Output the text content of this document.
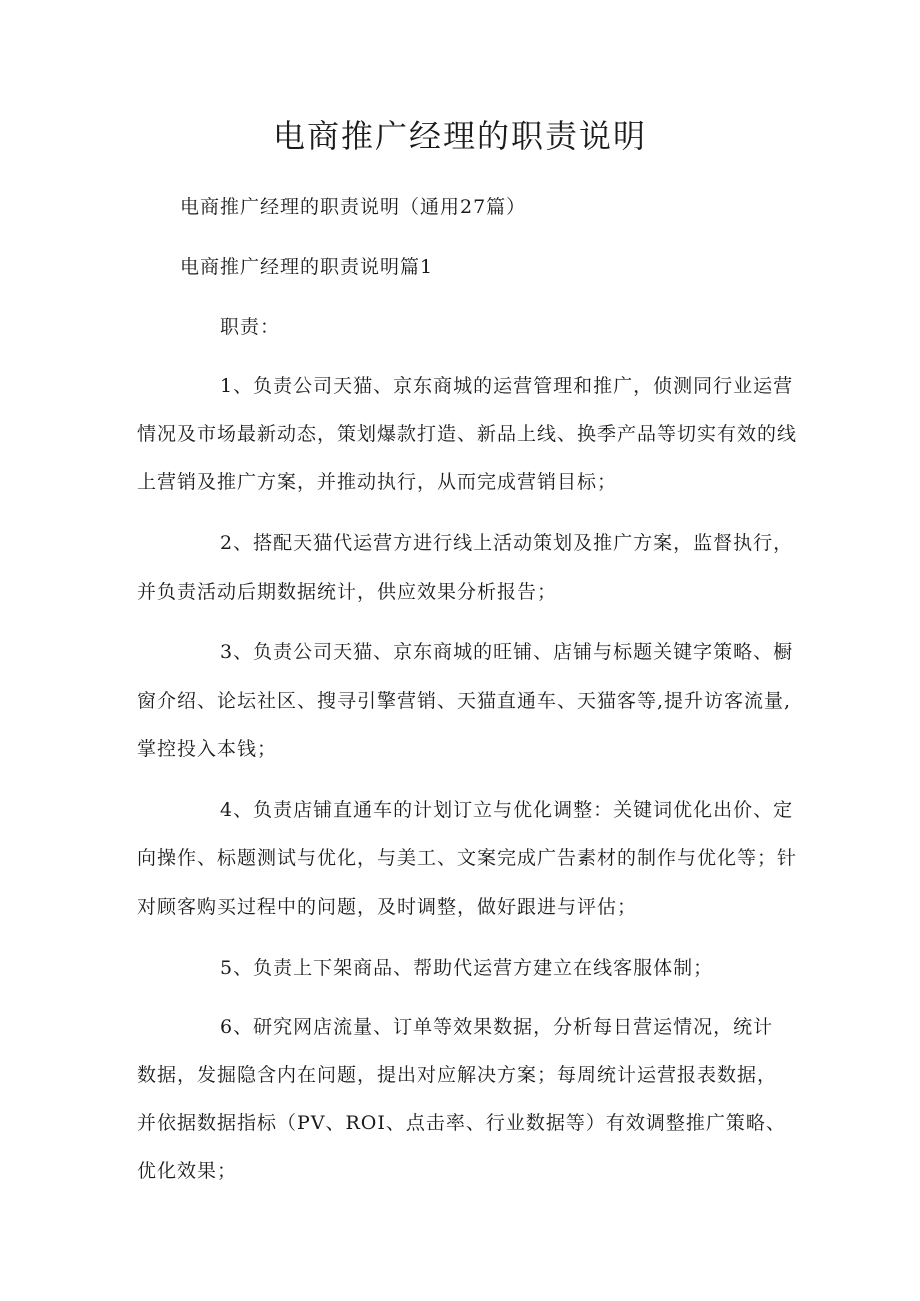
电商推广经理的职责说明

电商推广经理的职责说明（通用27篇）

电商推广经理的职责说明篇1

职责：

1、负责公司天猫、京东商城的运营管理和推广，侦测同行业运营

情况及市场最新动态，策划爆款打造、新品上线、换季产品等切实有效的线

上营销及推广方案，并推动执行，从而完成营销目标；

2、搭配天猫代运营方进行线上活动策划及推广方案，监督执行，

并负责活动后期数据统计，供应效果分析报告；

3、负责公司天猫、京东商城的旺铺、店铺与标题关键字策略、橱

窗介绍、论坛社区、搜寻引擎营销、天猫直通车、天猫客等,提升访客流量,

掌控投入本钱；

4、负责店铺直通车的计划订立与优化调整：关键词优化出价、定

向操作、标题测试与优化，与美工、文案完成广告素材的制作与优化等；针

对顾客购买过程中的问题，及时调整，做好跟进与评估；

5、负责上下架商品、帮助代运营方建立在线客服体制；

6、研究网店流量、订单等效果数据，分析每日营运情况，统计

数据，发掘隐含内在问题，提出对应解决方案；每周统计运营报表数据，

并依据数据指标（PV、ROI、点击率、行业数据等）有效调整推广策略、

优化效果；
